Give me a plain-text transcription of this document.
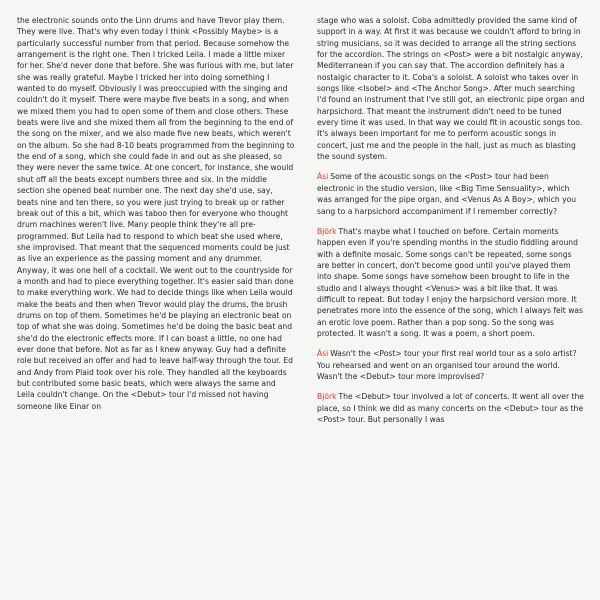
the electronic sounds onto the Linn drums and have Trevor play them. They were live. That's why even today I think <Possibly Maybe> is a particularly successful number from that period. Because somehow the arrangement is the right one. Then I tricked Leila. I made a little mixer for her. She'd never done that before. She was furious with me, but later she was really grateful. Maybe I tricked her into doing something I wanted to do myself. Obviously I was preoccupied with the singing and couldn't do it myself. There were maybe five beats in a song, and when we mixed them you had to open some of them and close others. These beats were live and she mixed them all from the beginning to the end of the song on the mixer, and we also made five new beats, which weren't on the album. So she had 8-10 beats programmed from the beginning to the end of a song, which she could fade in and out as she pleased, so they were never the same twice. At one concert, for instance, she would shut off all the beats except numbers three and six. In the middle section she opened beat number one. The next day she'd use, say, beats nine and ten there, so you were just trying to break up or rather break out of this a bit, which was taboo then for everyone who thought drum machines weren't live. Many people think they're all pre-programmed. But Leila had to respond to which beat she used where, she improvised. That meant that the sequenced moments could be just as live an experience as the passing moment and any drummer. Anyway, it was one hell of a cocktail. We went out to the countryside for a month and had to piece everything together. It's easier said than done to make everything work. We had to decide things like when Leila would make the beats and then when Trevor would play the drums, the brush drums on top of them. Sometimes he'd be playing an electronic beat on top of what she was doing. Sometimes he'd be doing the basic beat and she'd do the electronic effects more. If I can boast a little, no one had ever done that before. Not as far as I knew anyway. Guy had a definite role but received an offer and had to leave half-way through the tour. Ed and Andy from Plaid took over his role. They handled all the keyboards but contributed some basic beats, which were always the same and Leila couldn't change. On the <Debut> tour I'd missed not having someone like Einar on

stage who was a soloist. Coba admittedly provided the same kind of support in a way. At first it was because we couldn't afford to bring in string musicians, so it was decided to arrange all the string sections for the accordion. The strings on <Post> were a bit nostalgic anyway, Mediterranean if you can say that. The accordion definitely has a nostalgic character to it. Coba's a soloist. A soloist who takes over in songs like <Isobel> and <The Anchor Song>. After much searching I'd found an instrument that I've still got, an electronic pipe organ and harpsichord. That meant the instrument didn't need to be tuned every time it was used. In that way we could fit in acoustic songs too. It's always been important for me to perform acoustic songs in concert, just me and the people in the hall, just as much as blasting the sound system.

Ási Some of the acoustic songs on the <Post> tour had been electronic in the studio version, like <Big Time Sensuality>, which was arranged for the pipe organ, and <Venus As A Boy>, which you sang to a harpsichord accompaniment if I remember correctly?

Björk That's maybe what I touched on before. Certain moments happen even if you're spending months in the studio fiddling around with a definite mosaic. Some songs can't be repeated, some songs are better in concert, don't become good until you've played them into shape. Some songs have somehow been brought to life in the studio and I always thought <Venus> was a bit like that. It was difficult to repeat. But today I enjoy the harpsichord version more. It penetrates more into the essence of the song, which I always felt was an erotic love poem. Rather than a pop song. So the song was protected. It wasn't a song. It was a poem, a short poem.

Ási Wasn't the <Post> tour your first real world tour as a solo artist? You rehearsed and went on an organised tour around the world. Wasn't the <Debut> tour more improvised?

Björk The <Debut> tour involved a lot of concerts. It went all over the place, so I think we did as many concerts on the <Debut> tour as the <Post> tour. But personally I was
